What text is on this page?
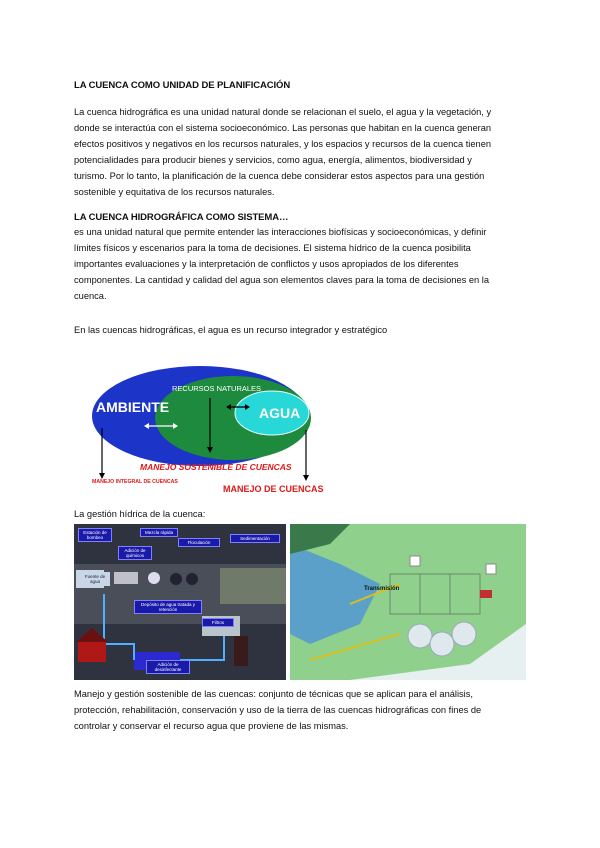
LA CUENCA COMO UNIDAD DE PLANIFICACIÓN
La cuenca hidrográfica es una unidad natural donde se relacionan el suelo, el agua y la vegetación, y
donde se interactúa con el sistema socioeconómico. Las personas que habitan en la cuenca generan
efectos positivos y negativos en los recursos naturales, y los espacios y recursos de la cuenca tienen
potencialidades para producir bienes y servicios, como agua, energía, alimentos, biodiversidad y
turismo. Por lo tanto, la planificación de la cuenca debe considerar estos aspectos para una gestión
sostenible y equitativa de los recursos naturales.
LA CUENCA HIDROGRÁFICA COMO SISTEMA…
es una unidad natural que permite entender las interacciones biofísicas y socioeconómicas, y definir
límites físicos y escenarios para la toma de decisiones. El sistema hídrico de la cuenca posibilita
importantes evaluaciones y la interpretación de conflictos y usos apropiados de los diferentes
componentes. La cantidad y calidad del agua son elementos claves para la toma de decisiones en la
cuenca.
En las cuencas hidrográficas, el agua es un recurso integrador y estratégico
AMBIENTE
RECURSOS NATURALES
AGUA
MANEJO SOSTENIBLE DE CUENCAS
MANEJO INTEGRAL DE CUENCAS
MANEJO DE CUENCAS
La gestión hídrica de la cuenca:
Estación de bombeo
Mezcla rápida
Floculación
Sedimentación
Adición de químicos
Fuente de agua
Depósito de agua tratada y retención
Filtros
Adición de desinfectante
Transmisión
Manejo y gestión sostenible de las cuencas: conjunto de técnicas que se aplican para el análisis,
protección, rehabilitación, conservación y uso de la tierra de las cuencas hidrográficas con fines de
controlar y conservar el recurso agua que proviene de las mismas.
